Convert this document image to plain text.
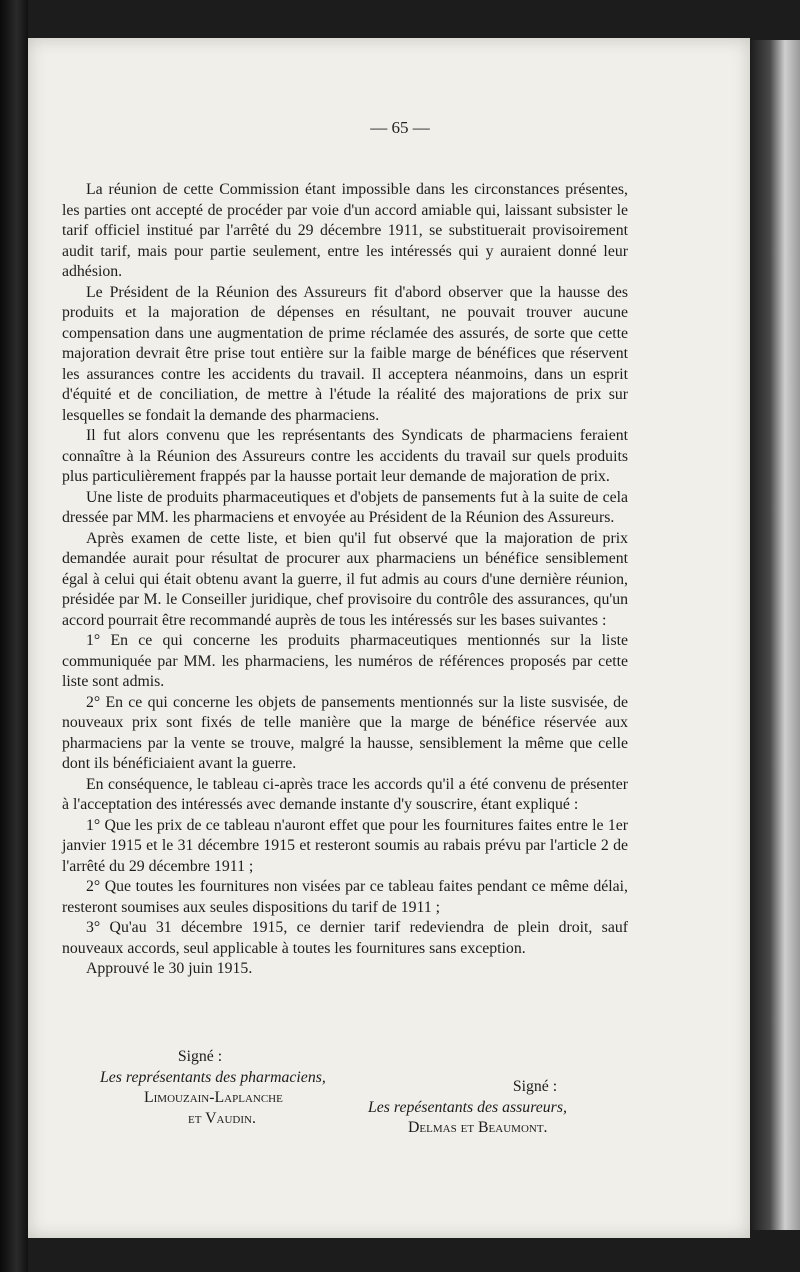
— 65 —

La réunion de cette Commission étant impossible dans les circonstances présentes, les parties ont accepté de procéder par voie d'un accord amiable qui, laissant subsister le tarif officiel institué par l'arrêté du 29 décembre 1911, se substituerait provisoirement audit tarif, mais pour partie seulement, entre les intéressés qui y auraient donné leur adhésion.

Le Président de la Réunion des Assureurs fit d'abord observer que la hausse des produits et la majoration de dépenses en résultant, ne pouvait trouver aucune compensation dans une augmentation de prime réclamée des assurés, de sorte que cette majoration devrait être prise tout entière sur la faible marge de bénéfices que réservent les assurances contre les accidents du travail. Il acceptera néanmoins, dans un esprit d'équité et de conciliation, de mettre à l'étude la réalité des majorations de prix sur lesquelles se fondait la demande des pharmaciens.

Il fut alors convenu que les représentants des Syndicats de pharmaciens feraient connaître à la Réunion des Assureurs contre les accidents du travail sur quels produits plus particulièrement frappés par la hausse portait leur demande de majoration de prix.

Une liste de produits pharmaceutiques et d'objets de pansements fut à la suite de cela dressée par MM. les pharmaciens et envoyée au Président de la Réunion des Assureurs.

Après examen de cette liste, et bien qu'il fut observé que la majoration de prix demandée aurait pour résultat de procurer aux pharmaciens un bénéfice sensiblement égal à celui qui était obtenu avant la guerre, il fut admis au cours d'une dernière réunion, présidée par M. le Conseiller juridique, chef provisoire du contrôle des assurances, qu'un accord pourrait être recommandé auprès de tous les intéressés sur les bases suivantes :

1° En ce qui concerne les produits pharmaceutiques mentionnés sur la liste communiquée par MM. les pharmaciens, les numéros de références proposés par cette liste sont admis.

2° En ce qui concerne les objets de pansements mentionnés sur la liste susvisée, de nouveaux prix sont fixés de telle manière que la marge de bénéfice réservée aux pharmaciens par la vente se trouve, malgré la hausse, sensiblement la même que celle dont ils bénéficiaient avant la guerre.

En conséquence, le tableau ci-après trace les accords qu'il a été convenu de présenter à l'acceptation des intéressés avec demande instante d'y souscrire, étant expliqué :

1° Que les prix de ce tableau n'auront effet que pour les fournitures faites entre le 1er janvier 1915 et le 31 décembre 1915 et resteront soumis au rabais prévu par l'article 2 de l'arrêté du 29 décembre 1911 ;

2° Que toutes les fournitures non visées par ce tableau faites pendant ce même délai, resteront soumises aux seules dispositions du tarif de 1911 ;

3° Qu'au 31 décembre 1915, ce dernier tarif redeviendra de plein droit, sauf nouveaux accords, seul applicable à toutes les fournitures sans exception.

Approuvé le 30 juin 1915.

Signé :
Les représentants des pharmaciens,
Limouzain-Laplanche
et Vaudin.
Signé :
Les repésentants des assureurs,
Delmas et Beaumont.
